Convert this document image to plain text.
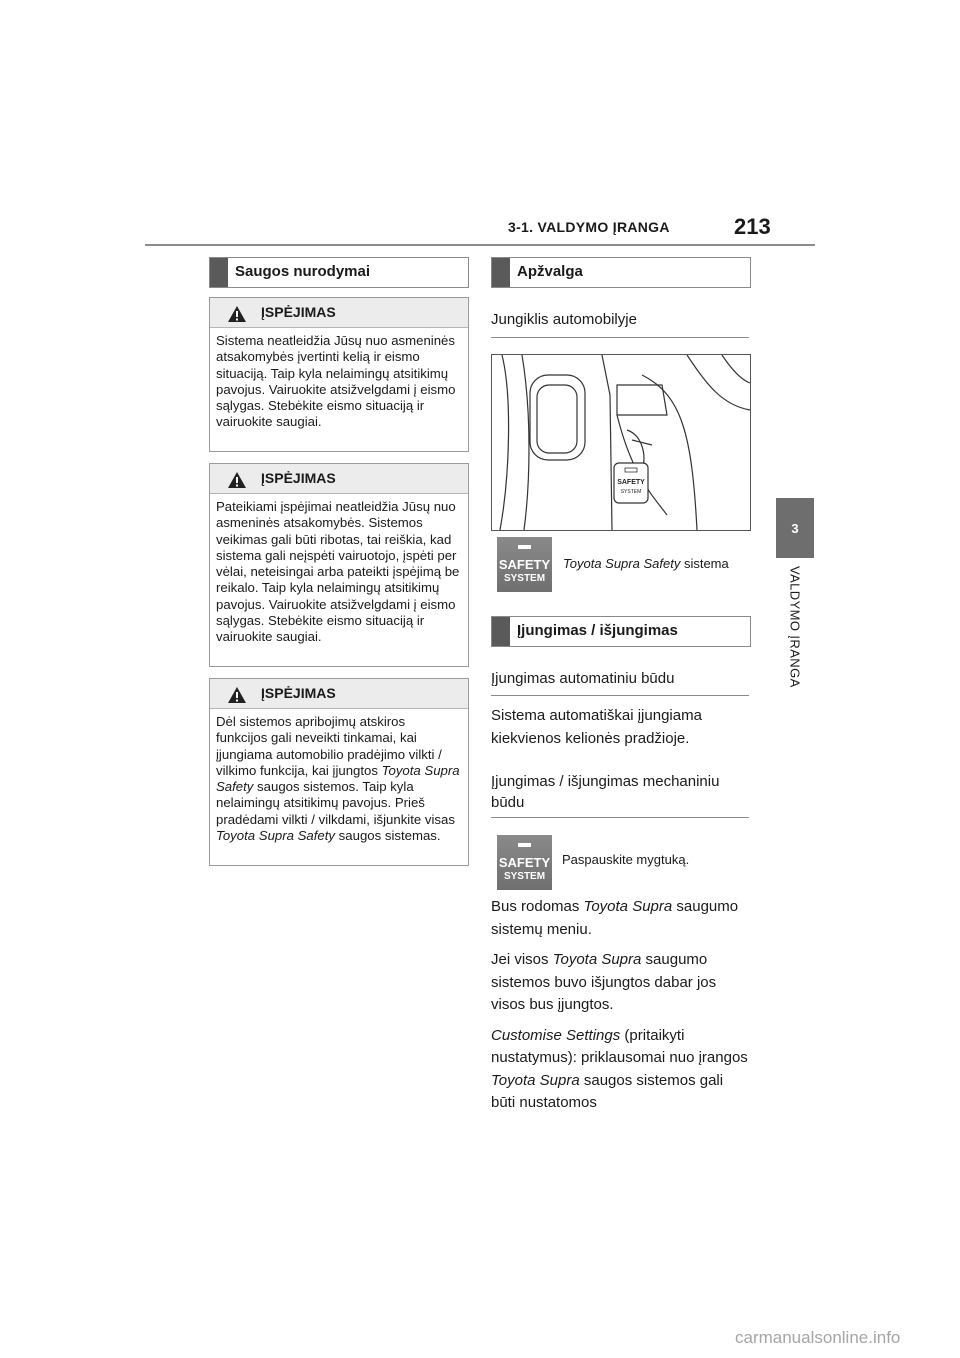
3-1. VALDYMO ĮRANGA	213
3
VALDYMO ĮRANGA
Saugos nurodymai
ĮSPĖJIMAS
Sistema neatleidžia Jūsų nuo asmeninės atsakomybės įvertinti kelią ir eismo situaciją. Taip kyla nelaimingų atsitikimų pavojus. Vairuokite atsižvelgdami į eismo sąlygas. Stebėkite eismo situaciją ir vairuokite saugiai.
ĮSPĖJIMAS
Pateikiami įspėjimai neatleidžia Jūsų nuo asmeninės atsakomybės. Sistemos veikimas gali būti ribotas, tai reiškia, kad sistema gali neįspėti vairuotojo, įspėti per vėlai, neteisingai arba pateikti įspėjimą be reikalo. Taip kyla nelaimingų atsitikimų pavojus. Vairuokite atsižvelgdami į eismo sąlygas. Stebėkite eismo situaciją ir vairuokite saugiai.
ĮSPĖJIMAS
Dėl sistemos apribojimų atskiros funkcijos gali neveikti tinkamai, kai įjungiama automobilio pradėjimo vilkti / vilkimo funkcija, kai įjungtos Toyota Supra Safety saugos sistemos. Taip kyla nelaimingų atsitikimų pavojus. Prieš pradėdami vilkti / vilkdami, išjunkite visas Toyota Supra Safety saugos sistemas.
Apžvalga
Jungiklis automobilyje
SAFETY
SYSTEM
SAFETY
SYSTEM
Toyota Supra Safety sistema
Įjungimas / išjungimas
Įjungimas automatiniu būdu
Sistema automatiškai įjungiama kiekvienos kelionės pradžioje.
Įjungimas / išjungimas mechaniniu būdu
SAFETY
SYSTEM
Paspauskite mygtuką.

Bus rodomas Toyota Supra saugumo sistemų meniu.

Jei visos Toyota Supra saugumo sistemos buvo išjungtos dabar jos visos bus įjungtos.

Customise Settings (pritaikyti nustatymus): priklausomai nuo įrangos Toyota Supra saugos sistemos gali būti nustatomos

carmanualsonline.info
